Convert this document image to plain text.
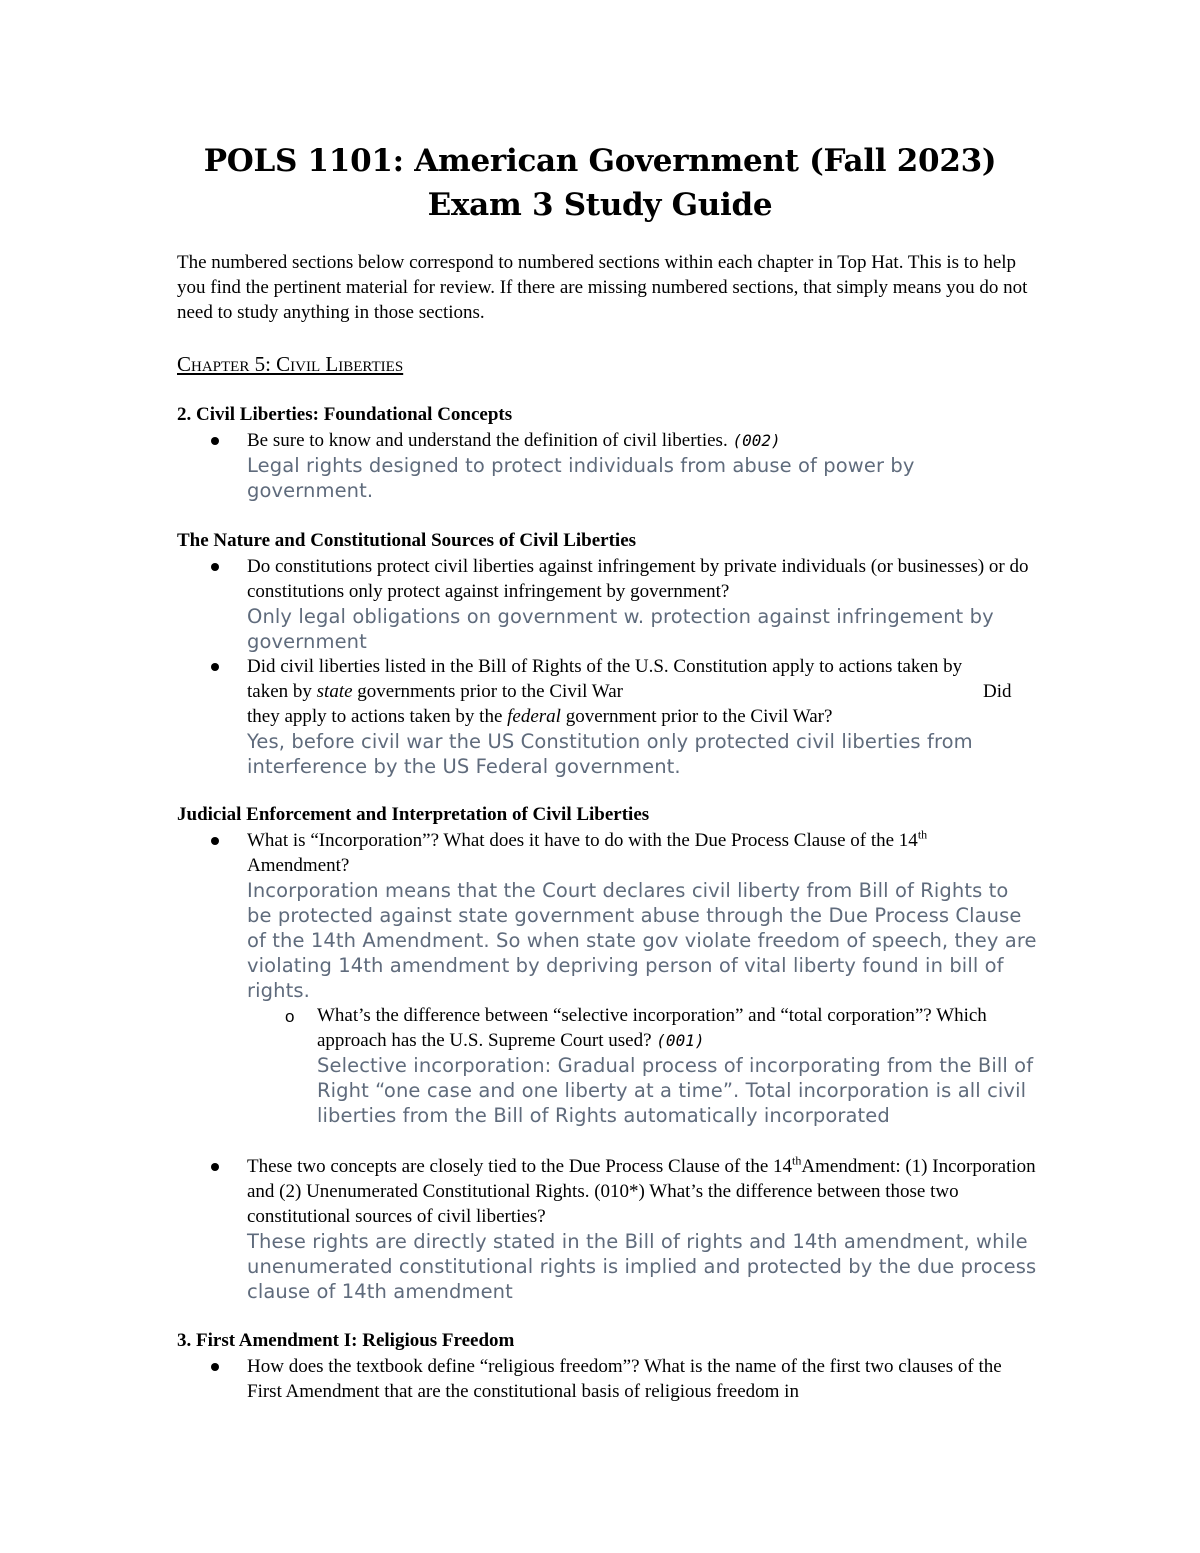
POLS 1101: American Government (Fall 2023)
Exam 3 Study Guide

The numbered sections below correspond to numbered sections within each chapter in Top Hat. This is to help you find the pertinent material for review. If there are missing numbered sections, that simply means you do not need to study anything in those sections.

Chapter 5: Civil Liberties
2. Civil Liberties: Foundational Concepts
Be sure to know and understand the definition of civil liberties. (002)
Legal rights designed to protect individuals from abuse of power by government.
The Nature and Constitutional Sources of Civil Liberties
Do constitutions protect civil liberties against infringement by private individuals (or businesses) or do constitutions only protect against infringement by government?
Only legal obligations on government w. protection against infringement by government
Did civil liberties listed in the Bill of Rights of the U.S. Constitution apply to actions taken by

taken by state governments prior to the Civil War	Did
they apply to actions taken by the federal government prior to the Civil War?
Yes, before civil war the US Constitution only protected civil liberties from interference by the US Federal government.
Judicial Enforcement and Interpretation of Civil Liberties
What is “Incorporation”? What does it have to do with the Due Process Clause of the 14th
Amendment?
Incorporation means that the Court declares civil liberty from Bill of Rights to be protected against state government abuse through the Due Process Clause of the 14th Amendment. So when state gov violate freedom of speech, they are violating 14th amendment by depriving person of vital liberty found in bill of rights.
o What’s the difference between “selective incorporation” and “total corporation”? Which approach has the U.S. Supreme Court used? (001)
Selective incorporation: Gradual process of incorporating from the Bill of Right “one case and one liberty at a time”. Total incorporation is all civil liberties from the Bill of Rights automatically incorporated
These two concepts are closely tied to the Due Process Clause of the 14thAmendment: (1) Incorporation and (2) Unenumerated Constitutional Rights. (010*) What’s the difference between those two constitutional sources of civil liberties?
These rights are directly stated in the Bill of rights and 14th amendment, while unenumerated constitutional rights is implied and protected by the due process clause of 14th amendment
3. First Amendment I: Religious Freedom
How does the textbook define “religious freedom”? What is the name of the first two clauses of the First Amendment that are the constitutional basis of religious freedom in
